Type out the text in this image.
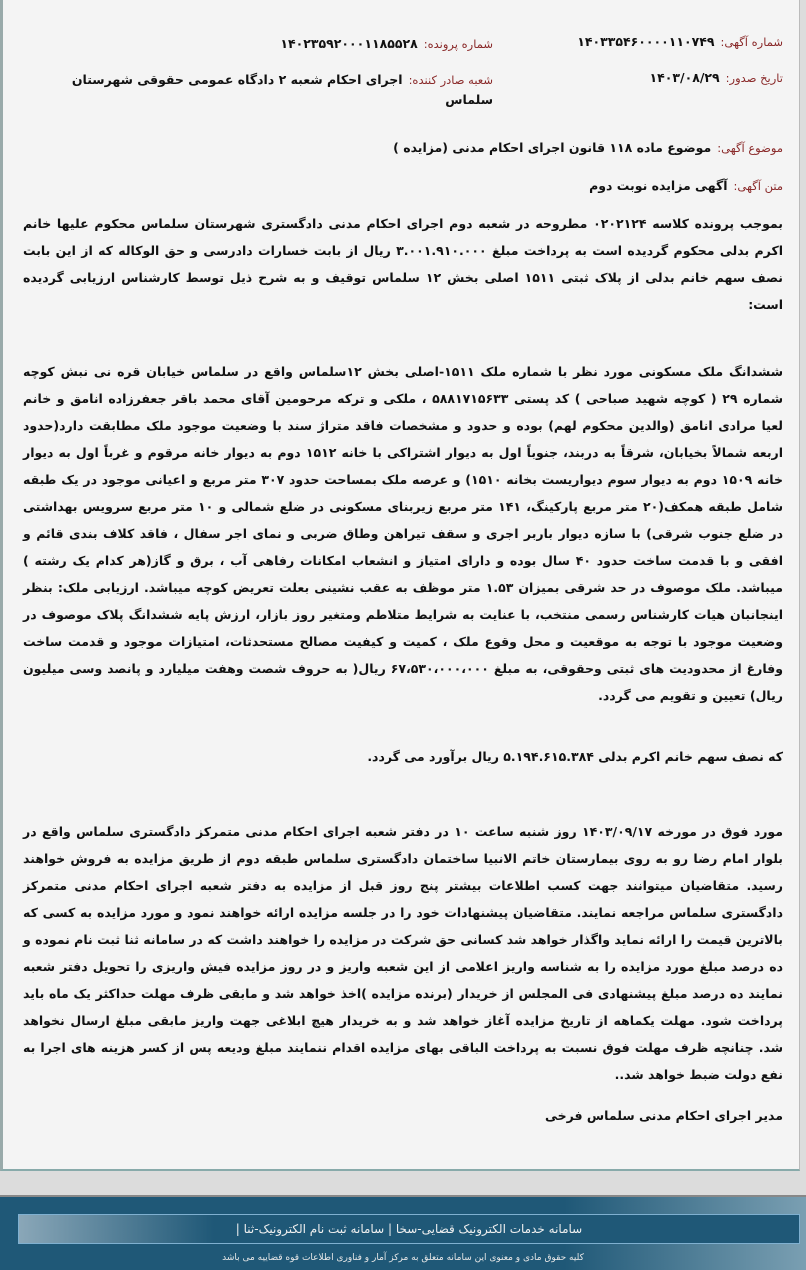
شماره آگهی:۱۴۰۳۳۵۴۶۰۰۰۰۱۱۰۷۴۹
شماره پرونده:۱۴۰۲۳۵۹۲۰۰۰۱۱۸۵۵۲۸
تاریخ صدور:۱۴۰۳/۰۸/۲۹
شعبه صادر کننده:اجرای احکام شعبه ۲ دادگاه عمومی حقوقی شهرستان سلماس
موضوع آگهی:موضوع ماده ۱۱۸ قانون اجرای احکام مدنی (مزایده )
متن آگهی:آگهی مزایده نوبت دوم
بموجب پرونده کلاسه ۰۲۰۲۱۲۴ مطروحه در شعبه دوم اجرای احکام مدنی دادگستری شهرستان سلماس محکوم علیها خانم اکرم بدلی محکوم گردیده است به پرداخت مبلغ ۳.۰۰۱.۹۱۰.۰۰۰ ریال از بابت خسارات دادرسی و حق الوکاله که از این بابت نصف سهم خانم بدلی از پلاک ثبتی ۱۵۱۱ اصلی بخش ۱۲ سلماس توقیف و به شرح ذیل توسط کارشناس ارزیابی گردیده است:
ششدانگ ملک مسکونی مورد نظر با شماره ملک ۱۵۱۱-اصلی بخش ۱۲سلماس واقع در سلماس خیابان قره نی نبش کوچه شماره ۲۹ ( کوچه شهید صباحی ) کد پستی ۵۸۸۱۷۱۵۶۳۳ ، ملکی و ترکه مرحومین آقای محمد باقر جعفرزاده انامق و خانم لعیا مرادی انامق (والدین محکوم لهم) بوده و حدود و مشخصات فاقد متراژ سند با وضعیت موجود ملک مطابقت دارد(حدود اربعه شمالاً بخیابان، شرقاً به دربند، جنوباً اول به دیوار اشتراکی با خانه ۱۵۱۲ دوم به دیوار خانه مرقوم و غرباً اول به دیوار خانه ۱۵۰۹ دوم به دیوار سوم دیواریست بخانه ۱۵۱۰) و عرصه ملک بمساحت حدود ۳۰۷ متر مربع و اعیانی موجود در یک طبقه شامل طبقه همکف(۲۰ متر مربع پارکینگ، ۱۴۱ متر مربع زیربنای مسکونی در ضلع شمالی و ۱۰ متر مربع سرویس بهداشتی در ضلع جنوب شرقی) با سازه دیوار باربر اجری و سقف تیراهن وطاق ضربی و نمای اجر سفال ، فاقد کلاف بندی قائم و افقی و با قدمت ساخت حدود ۴۰ سال بوده و دارای امتیاز و انشعاب امکانات رفاهی آب ، برق و گاز(هر کدام یک رشته ) میباشد. ملک موصوف در حد شرقی بمیزان ۱.۵۳ متر موظف به عقب نشینی بعلت تعریض کوچه میباشد. ارزیابی ملک: بنظر اینجانبان هیات کارشناس رسمی منتخب، با عنایت به شرایط متلاطم ومتغیر روز بازار، ارزش پایه ششدانگ پلاک موصوف در وضعیت موجود با توجه به موقعیت و محل وقوع ملک ، کمیت و کیفیت مصالح مستحدثات، امتیازات موجود و قدمت ساخت وفارغ از محدودیت های ثبتی وحقوقی، به مبلغ ۶۷،۵۳۰،۰۰۰،۰۰۰ ریال( به حروف شصت وهفت میلیارد و پانصد وسی میلیون ریال) تعیین و تقویم می گردد.
که نصف سهم خانم اکرم بدلی ۵.۱۹۴.۶۱۵.۳۸۴ ریال برآورد می گردد.
مورد فوق در مورخه ۱۴۰۳/۰۹/۱۷ روز شنبه ساعت ۱۰ در دفتر شعبه اجرای احکام مدنی متمرکز دادگستری سلماس واقع در بلوار امام رضا رو به روی بیمارستان خاتم الانبیا ساختمان دادگستری سلماس طبقه دوم از طریق مزایده به فروش خواهند رسید. متقاضیان میتوانند جهت کسب اطلاعات بیشتر پنج روز قبل از مزایده به دفتر شعبه اجرای احکام مدنی متمرکز دادگستری سلماس مراجعه نمایند. متقاضیان پیشنهادات خود را در جلسه مزایده ارائه خواهند نمود و مورد مزایده به کسی که بالاترین قیمت را ارائه نماید واگذار خواهد شد کسانی حق شرکت در مزایده را خواهند داشت که در سامانه ثنا ثبت نام نموده و ده درصد مبلغ مورد مزایده را به شناسه واریز اعلامی از این شعبه واریز و در روز مزایده فیش واریزی را تحویل دفتر شعبه نمایند ده درصد مبلغ پیشنهادی فی المجلس از خریدار (برنده مزایده )اخذ خواهد شد و مابقی ظرف مهلت حداکثر یک ماه باید پرداخت شود. مهلت یکماهه از تاریخ مزایده آغاز خواهد شد و به خریدار هیچ ابلاغی جهت واریز مابقی مبلغ ارسال نخواهد شد. چنانچه ظرف مهلت فوق نسبت به پرداخت الباقی بهای مزایده اقدام ننمایند مبلغ ودیعه پس از کسر هزینه های اجرا به نفع دولت ضبط خواهد شد..
مدیر اجرای احکام مدنی سلماس فرخی
سامانه خدمات الکترونیک قضایی-سخا | سامانه ثبت نام الکترونیک-ثنا |
کلیه حقوق مادی و معنوی این سامانه متعلق به مرکز آمار و فناوری اطلاعات قوه قضاییه می باشد
